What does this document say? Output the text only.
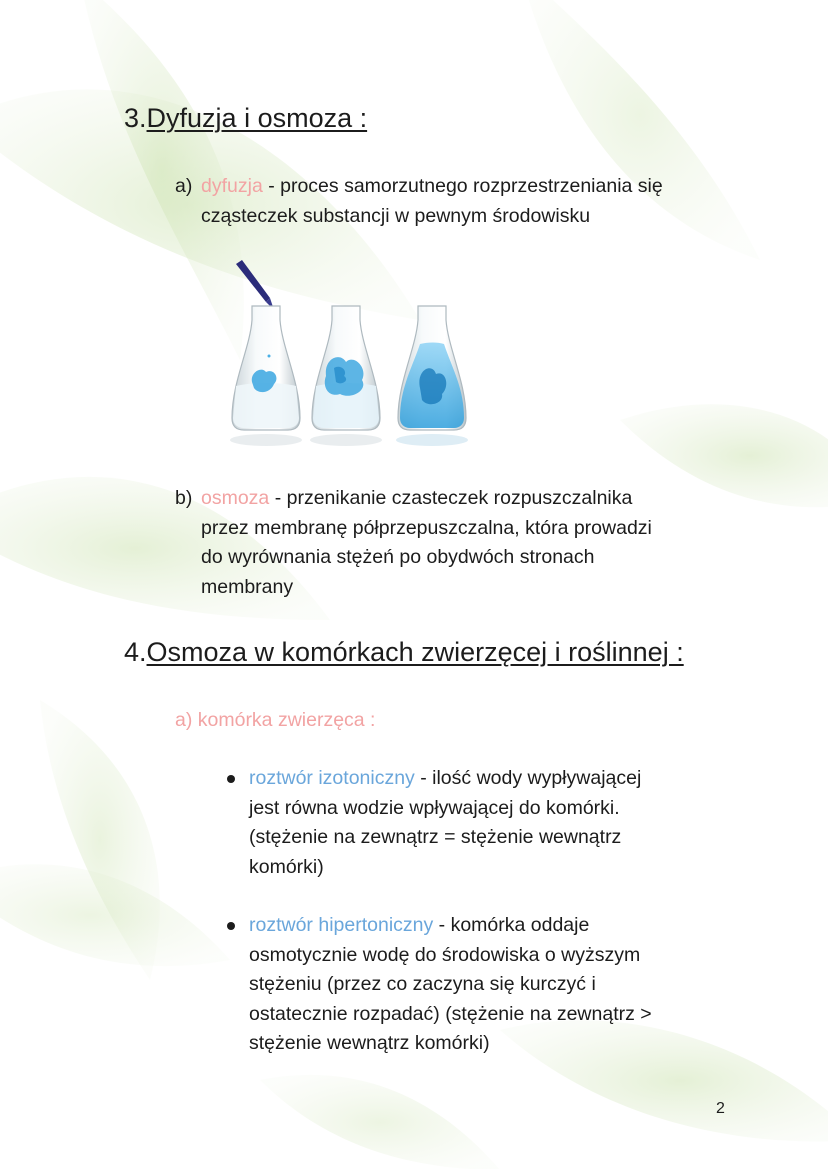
3.Dyfuzja i osmoza :
a) dyfuzja - proces samorzutnego rozprzestrzeniania się
cząsteczek substancji w pewnym środowisku
b) osmoza - przenikanie czasteczek rozpuszczalnika
przez membranę półprzepuszczalna, która prowadzi
do wyrównania stężeń po obydwóch stronach
membrany
4.Osmoza w komórkach zwierzęcej i roślinnej :
a) komórka zwierzęca :
roztwór izotoniczny - ilość wody wypływającej
jest równa wodzie wpływającej do komórki.
(stężenie na zewnątrz = stężenie wewnątrz
komórki)
roztwór hipertoniczny - komórka oddaje
osmotycznie wodę do środowiska o wyższym
stężeniu (przez co zaczyna się kurczyć i
ostatecznie rozpadać) (stężenie na zewnątrz >
stężenie wewnątrz komórki)
2
